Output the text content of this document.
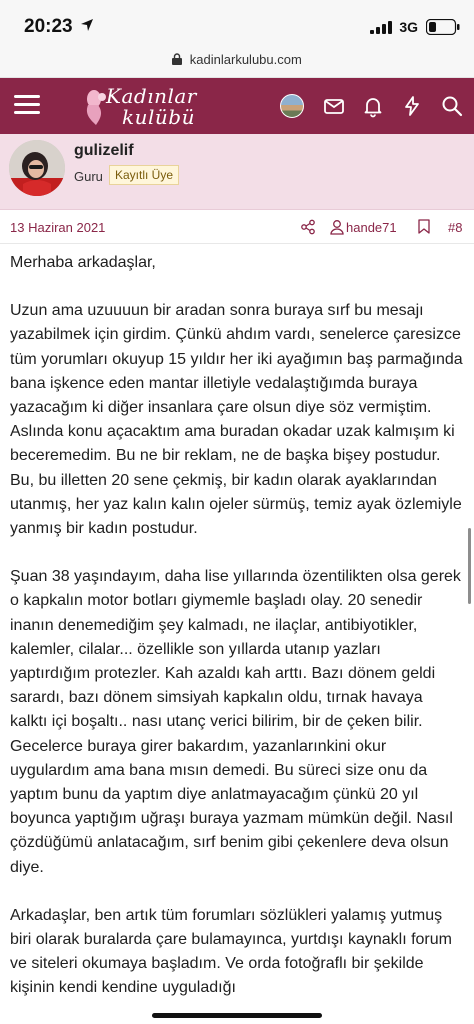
20:23	3G
kadinlarkulubu.com
Kadınlar
kulübü
gulizelif
Guru	Kayıtlı Üye
13 Haziran 2021	hande71	#8

Merhaba arkadaşlar,

Uzun ama uzuuuun bir aradan sonra buraya sırf bu mesajı yazabilmek için girdim. Çünkü ahdım vardı, senelerce çaresizce tüm yorumları okuyup 15 yıldır her iki ayağımın baş parmağında bana işkence eden mantar illetiyle vedalaştığımda buraya yazacağım ki diğer insanlara çare olsun diye söz vermiştim. Aslında konu açacaktım ama buradan okadar uzak kalmışım ki beceremedim. Bu ne bir reklam, ne de başka bişey postudur. Bu, bu illetten 20 sene çekmiş, bir kadın olarak ayaklarından utanmış, her yaz kalın kalın ojeler sürmüş, temiz ayak özlemiyle yanmış bir kadın postudur.

Şuan 38 yaşındayım, daha lise yıllarında özentilikten olsa gerek o kapkalın motor botları giymemle başladı olay. 20 senedir inanın denemediğim şey kalmadı, ne ilaçlar, antibiyotikler, kalemler, cilalar... özellikle son yıllarda utanıp yazları yaptırdığım protezler. Kah azaldı kah arttı. Bazı dönem geldi sarardı, bazı dönem simsiyah kapkalın oldu, tırnak havaya kalktı içi boşaltı.. nası utanç verici bilirim, bir de çeken bilir. Gecelerce buraya girer bakardım, yazanlarınkini okur uygulardım ama bana mısın demedi. Bu süreci size onu da yaptım bunu da yaptım diye anlatmayacağım çünkü 20 yıl boyunca yaptığım uğraşı buraya yazmam mümkün değil. Nasıl çözdüğümü anlatacağım, sırf benim gibi çekenlere deva olsun diye.

Arkadaşlar, ben artık tüm forumları sözlükleri yalamış yutmuş biri olarak buralarda çare bulamayınca, yurtdışı kaynaklı forum ve siteleri okumaya başladım. Ve orda fotoğraflı bir şekilde kişinin kendi kendine uyguladığı
